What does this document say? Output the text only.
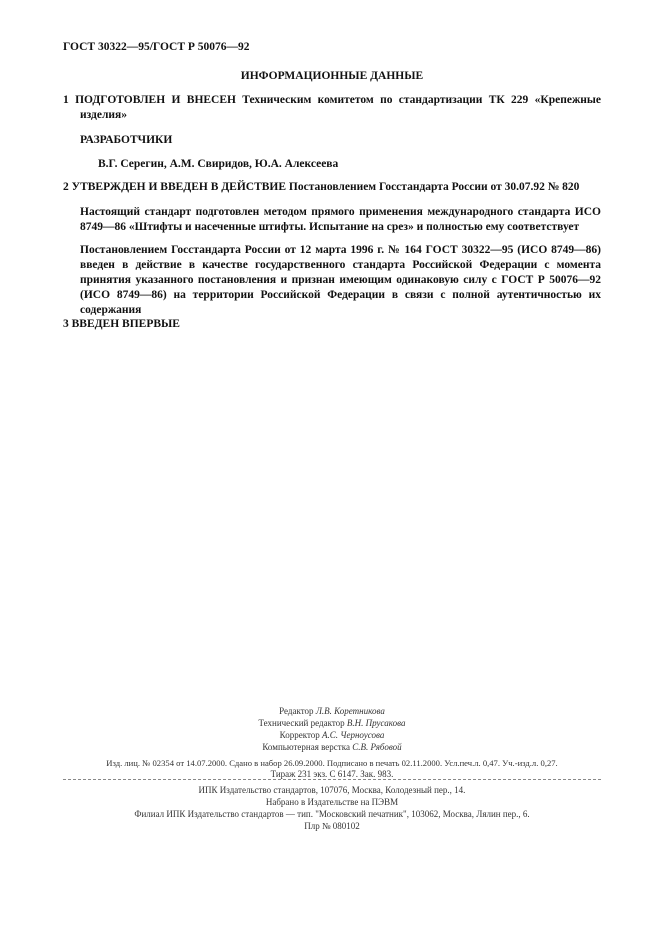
ГОСТ 30322—95/ГОСТ Р 50076—92
ИНФОРМАЦИОННЫЕ ДАННЫЕ
1 ПОДГОТОВЛЕН И ВНЕСЕН Техническим комитетом по стандартизации ТК 229 «Крепежные
изделия»
РАЗРАБОТЧИКИ
В.Г. Серегин, А.М. Свиридов, Ю.А. Алексеева
2 УТВЕРЖДЕН И ВВЕДЕН В ДЕЙСТВИЕ Постановлением Госстандарта России от 30.07.92 № 820
Настоящий стандарт подготовлен методом прямого применения международного стандарта ИСО
8749—86 «Штифты и насеченные штифты. Испытание на срез» и полностью ему соответствует
Постановлением Госстандарта России от 12 марта 1996 г. № 164 ГОСТ 30322—95 (ИСО 8749—86)
введен в действие в качестве государственного стандарта Российской Федерации с момента
принятия указанного постановления и признан имеющим одинаковую силу с ГОСТ Р 50076—92
(ИСО 8749—86) на территории Российской Федерации в связи с полной аутентичностью их
содержания
3 ВВЕДЕН ВПЕРВЫЕ
Редактор Л.В. Коретникова
Технический редактор В.Н. Прусакова
Корректор А.С. Черноусова
Компьютерная верстка С.В. Рябовой
Изд. лиц. № 02354 от 14.07.2000. Сдано в набор 26.09.2000. Подписано в печать 02.11.2000. Усл.печ.л. 0,47. Уч.-изд.л. 0,27.
Тираж 231 экз. С 6147. Зак. 983.
ИПК Издательство стандартов, 107076, Москва, Колодезный пер., 14.
Набрано в Издательстве на ПЭВМ
Филиал ИПК Издательство стандартов — тип. "Московский печатник", 103062, Москва, Лялин пер., 6.
Плр № 080102
